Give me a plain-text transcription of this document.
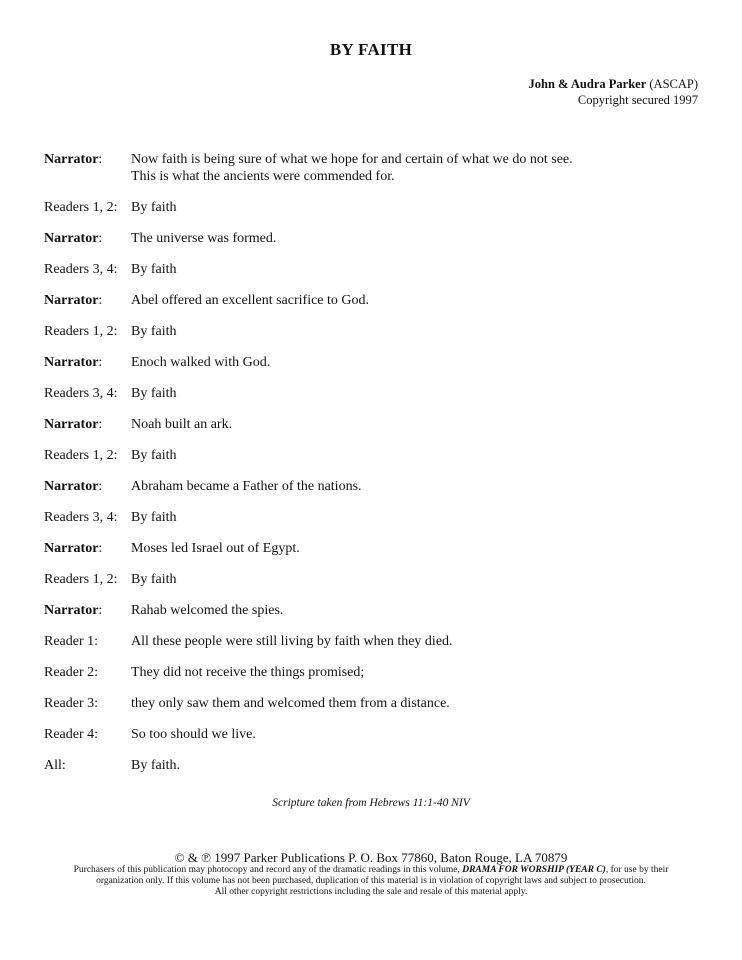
BY FAITH
John & Audra Parker (ASCAP)
Copyright secured 1997
Narrator:	Now faith is being sure of what we hope for and certain of what we do not see.
This is what the ancients were commended for.
Readers 1, 2: By faith
Narrator:	The universe was formed.
Readers 3, 4: By faith
Narrator:	Abel offered an excellent sacrifice to God.
Readers 1, 2: By faith
Narrator:	Enoch walked with God.
Readers 3, 4: By faith
Narrator:	Noah built an ark.
Readers 1, 2: By faith
Narrator:	Abraham became a Father of the nations.
Readers 3, 4: By faith
Narrator:	Moses led Israel out of Egypt.
Readers 1, 2: By faith
Narrator:	Rahab welcomed the spies.
Reader 1:	All these people were still living by faith when they died.
Reader 2:	They did not receive the things promised;
Reader 3:	they only saw them and welcomed them from a distance.
Reader 4:	So too should we live.
All:	By faith.
Scripture taken from Hebrews 11:1-40 NIV
© & ℗ 1997 Parker Publications P. O. Box 77860, Baton Rouge, LA 70879
Purchasers of this publication may photocopy and record any of the dramatic readings in this volume, DRAMA FOR WORSHIP (YEAR C), for use by their
organization only. If this volume has not been purchased, duplication of this material is in violation of copyright laws and subject to prosecution.
All other copyright restrictions including the sale and resale of this material apply.
